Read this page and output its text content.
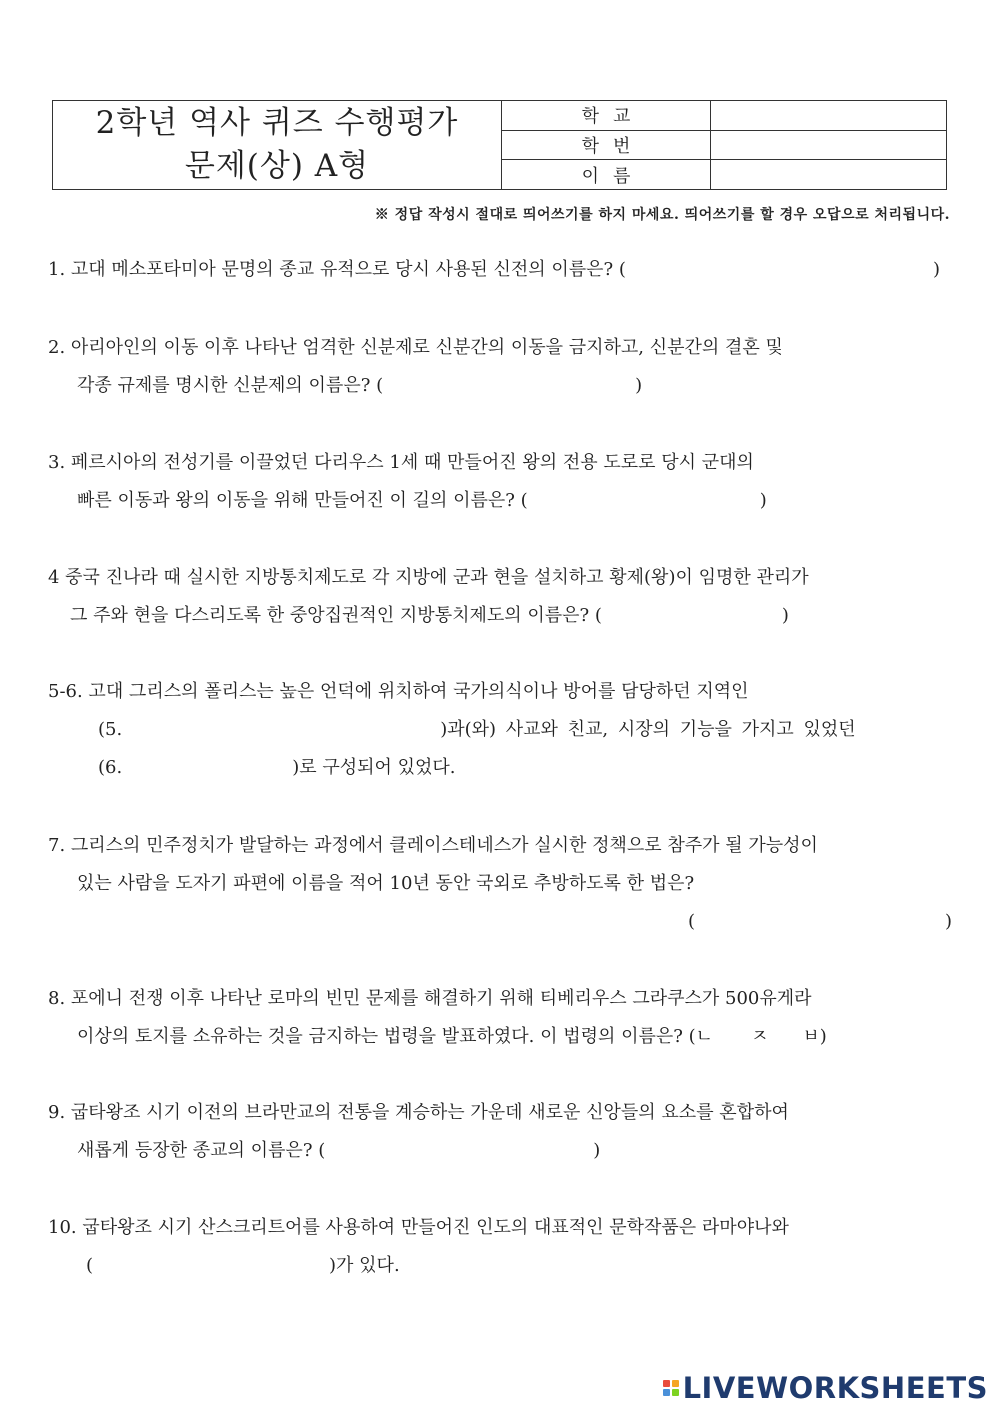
2학년 역사 퀴즈 수행평가
문제(상) A형
학교
학번
이름
※ 정답 작성시 절대로 띄어쓰기를 하지 마세요. 띄어쓰기를 할 경우 오답으로 처리됩니다.
1. 고대 메소포타미아 문명의 종교 유적으로 당시 사용된 신전의 이름은? (	)
2. 아리아인의 이동 이후 나타난 엄격한 신분제로 신분간의 이동을 금지하고, 신분간의 결혼 및
각종 규제를 명시한 신분제의 이름은? (	)
3. 페르시아의 전성기를 이끌었던 다리우스 1세 때 만들어진 왕의 전용 도로로 당시 군대의
빠른 이동과 왕의 이동을 위해 만들어진 이 길의 이름은? (	)
4 중국 진나라 때 실시한 지방통치제도로 각 지방에 군과 현을 설치하고 황제(왕)이 임명한 관리가
그 주와 현을 다스리도록 한 중앙집권적인 지방통치제도의 이름은? (	)
5-6. 고대 그리스의 폴리스는 높은 언덕에 위치하여 국가의식이나 방어를 담당하던 지역인
(5.	)과(와) 사교와 친교, 시장의 기능을 가지고 있었던
(6.	)로 구성되어 있었다.
7. 그리스의 민주정치가 발달하는 과정에서 클레이스테네스가 실시한 정책으로 참주가 될 가능성이
있는 사람을 도자기 파편에 이름을 적어 10년 동안 국외로 추방하도록 한 법은?
(	)
8. 포에니 전쟁 이후 나타난 로마의 빈민 문제를 해결하기 위해 티베리우스 그라쿠스가 500유게라
이상의 토지를 소유하는 것을 금지하는 법령을 발표하였다. 이 법령의 이름은? (ㄴ ㅈ ㅂ)
9. 굽타왕조 시기 이전의 브라만교의 전통을 계승하는 가운데 새로운 신앙들의 요소를 혼합하여
새롭게 등장한 종교의 이름은? (	)
10. 굽타왕조 시기 산스크리트어를 사용하여 만들어진 인도의 대표적인 문학작품은 라마야나와
(	)가 있다.
LIVEWORKSHEETS
